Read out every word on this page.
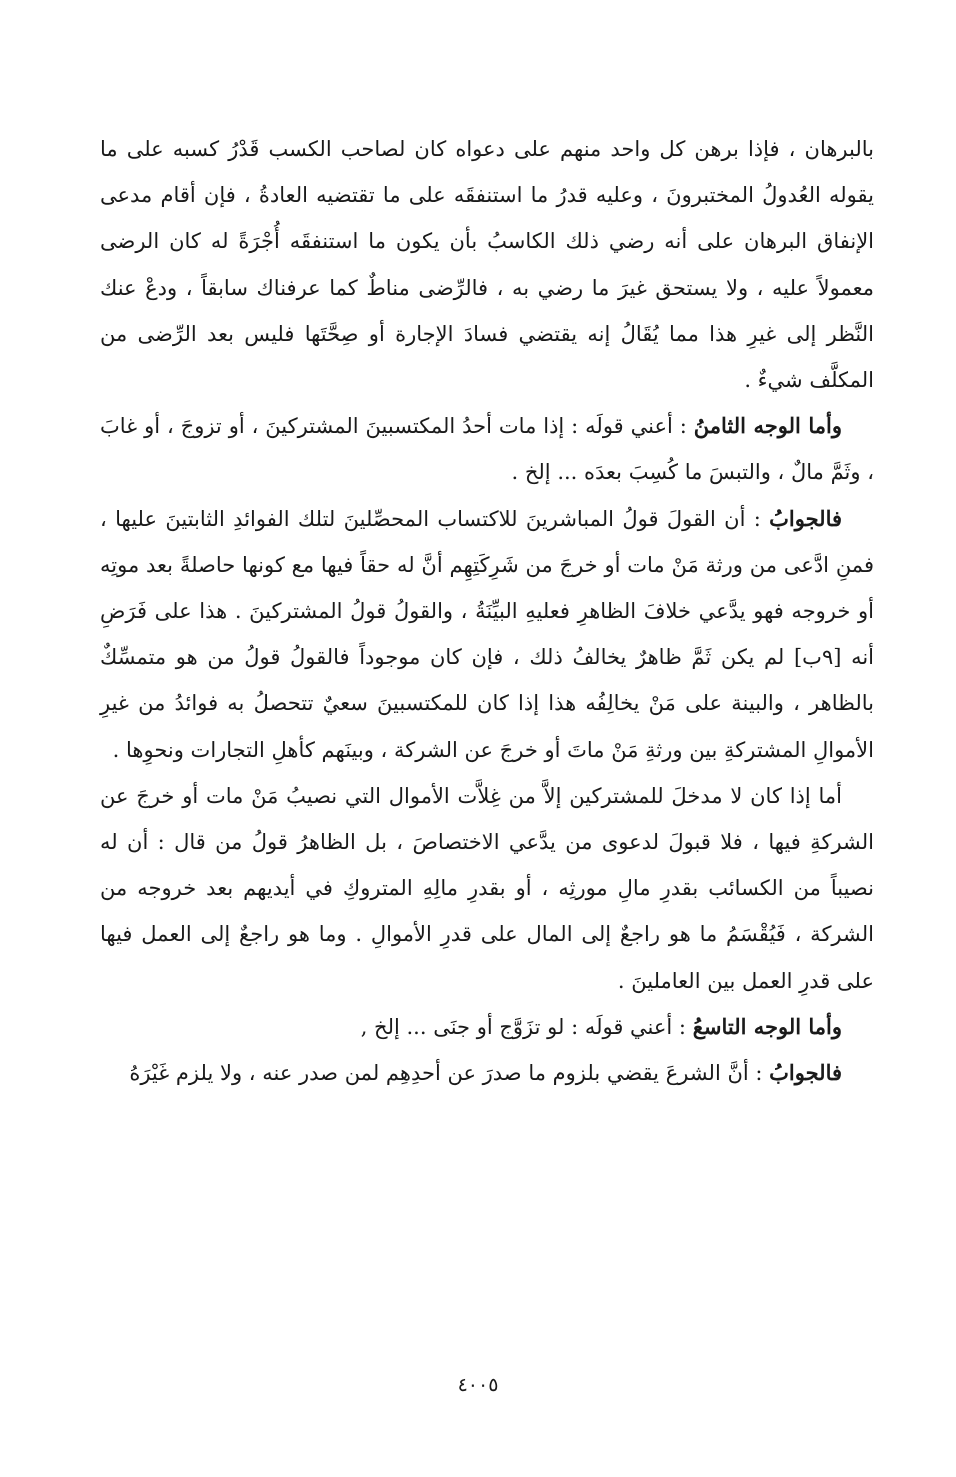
بالبرهان ، فإذا برهن كل واحد منهم على دعواه كان لصاحب الكسب قَدْرُ كسبه على ما يقوله العُدولُ المختبرونَ ، وعليه قدرُ ما استنفقَه على ما تقتضيه العادةُ ، فإن أقام مدعى الإنفاق البرهان على أنه رضي ذلك الكاسبُ بأن يكون ما استنفقَه أُجْرَةً له كان الرضى معمولاً عليه ، ولا يستحق غيرَ ما رضي به ، فالرِّضى مناطٌ كما عرفناك سابقاً ، ودعْ عنك النَّظر إلى غيرِ هذا مما يُقَالُ إنه يقتضي فسادَ الإجارة أو صِحَّتَها فليس بعد الرِّضى من المكلَّف شيءٌ .

وأما الوجه الثامنُ : أعني قولَه : إذا مات أحدُ المكتسبينَ المشتركينَ ، أو تزوجَ ، أو غابَ ، وثَمَّ مالٌ ، والتبسَ ما كُسِبَ بعدَه ... إلخ .

فالجوابُ : أن القولَ قولُ المباشرينَ للاكتساب المحصِّلينَ لتلك الفوائدِ الثابتينَ عليها ، فمنِ ادَّعى من ورثة مَنْ مات أو خرجَ من شَرِكَتِهِم أنَّ له حقاً فيها مع كونها حاصلةً بعد موتِه أو خروجه فهو يدَّعي خلافَ الظاهرِ فعليهِ البيِّنَةُ ، والقولُ قولُ المشتركينَ . هذا على فَرَضِ أنه [٩ب] لم يكن ثَمَّ ظاهرٌ يخالفُ ذلك ، فإن كان موجوداً فالقولُ قولُ من هو متمسِّكٌ بالظاهر ، والبينة على مَنْ يخالِفُه هذا إذا كان للمكتسبينَ سعيٌ تتحصلُ به فوائدُ من غيرِ الأموالِ المشتركةِ بين ورثةِ مَنْ ماتَ أو خرجَ عن الشركة ، وبينَهم كأهلِ التجارات ونحوِها .

أما إذا كان لا مدخلَ للمشتركين إلاَّ من غِلاَّت الأموال التي نصيبُ مَنْ مات أو خرجَ عن الشركةِ فيها ، فلا قبولَ لدعوى من يدَّعي الاختصاصَ ، بل الظاهرُ قولُ من قال : أن له نصيباً من الكسائب بقدرِ مالِ مورثِه ، أو بقدرِ مالِهِ المتروكِ في أيديهم بعد خروجه من الشركة ، فَيُقْسَمُ ما هو راجعٌ إلى المال على قدرِ الأموالِ . وما هو راجعٌ إلى العمل فيها على قدرِ العمل بين العاملينَ .

وأما الوجه التاسعُ : أعني قولَه : لو تزَوَّج أو جنَى ... إلخ ,

فالجوابُ : أنَّ الشرعَ يقضي بلزوم ما صدرَ عن أحدِهِم لمن صدر عنه ، ولا يلزم غَيْرَهُ

٤٠٠٥
